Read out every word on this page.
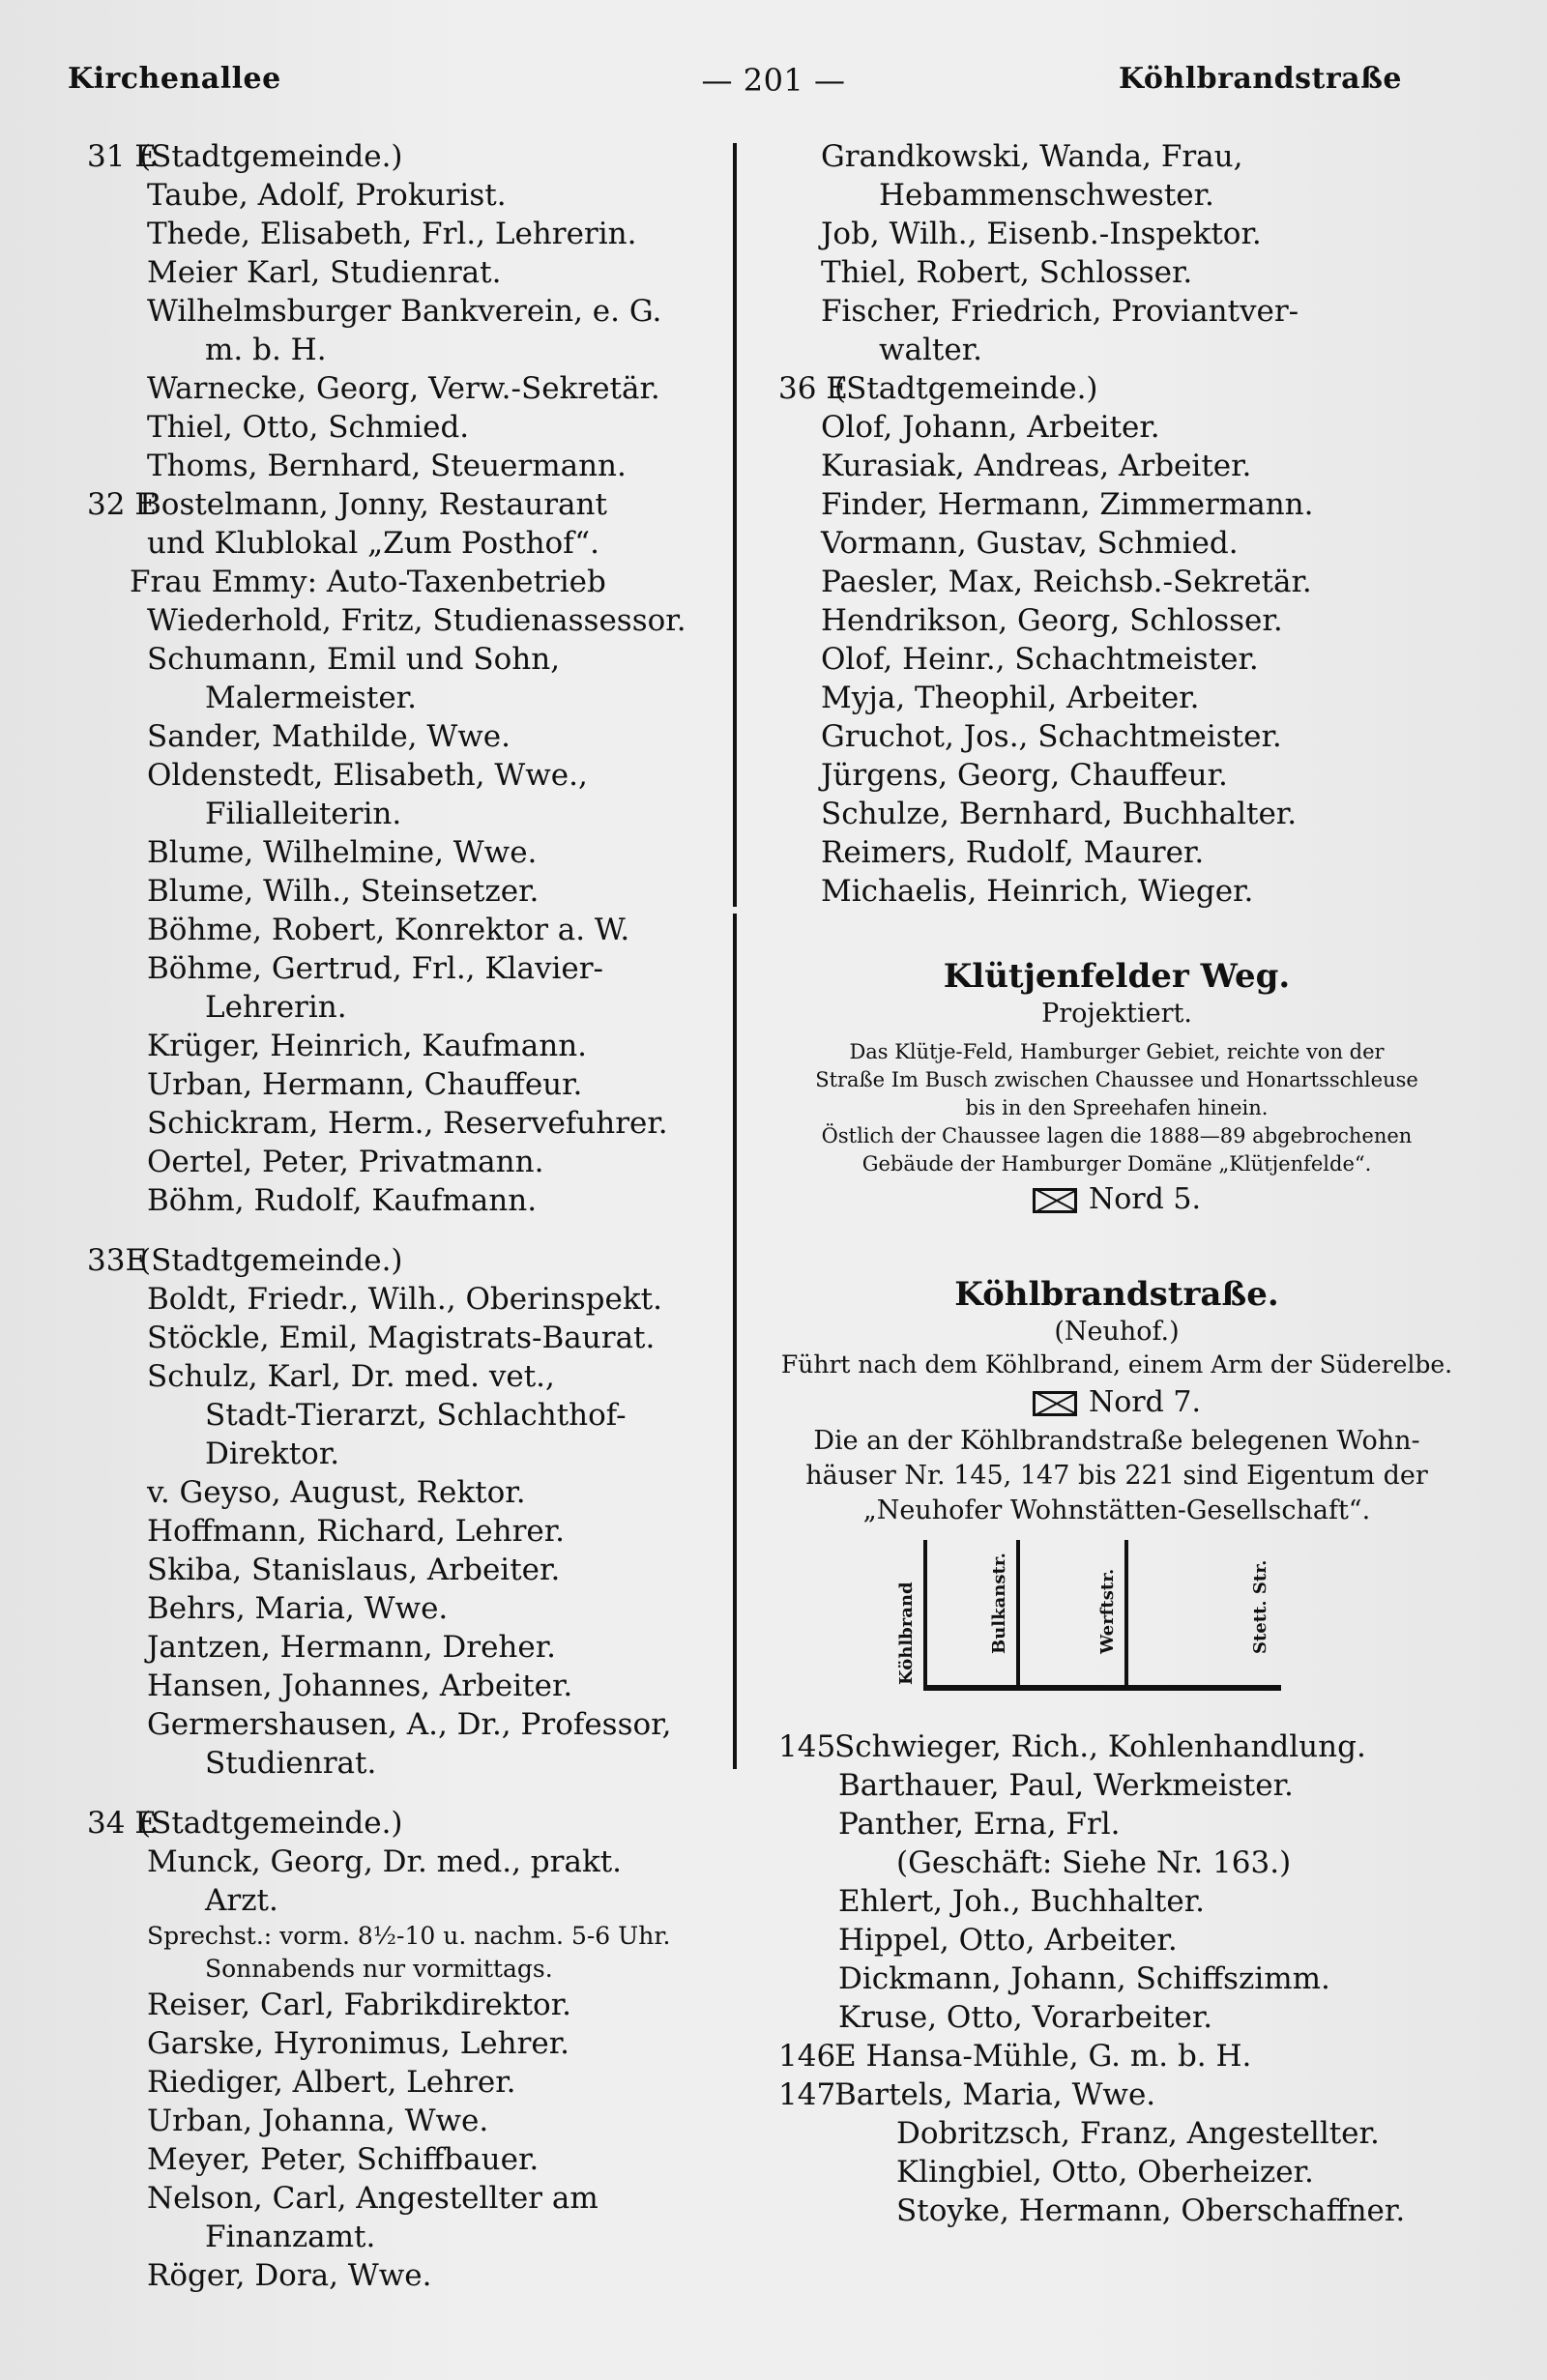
Kirchenallee	— 201 —	Köhlbrandstraße
31 E(Stadtgemeinde.)
Taube, Adolf, Prokurist.
Thede, Elisabeth, Frl., Lehrerin.
Meier Karl, Studienrat.
Wilhelmsburger Bankverein, e. G.
m. b. H.
Warnecke, Georg, Verw.-Sekretär.
Thiel, Otto, Schmied.
Thoms, Bernhard, Steuermann.
32 EBostelmann, Jonny, Restaurant
und Klublokal „Zum Posthof“.
Frau Emmy: Auto-Taxenbetrieb
Wiederhold, Fritz, Studienassessor.
Schumann, Emil und Sohn,
Malermeister.
Sander, Mathilde, Wwe.
Oldenstedt, Elisabeth, Wwe.,
Filialleiterin.
Blume, Wilhelmine, Wwe.
Blume, Wilh., Steinsetzer.
Böhme, Robert, Konrektor a. W.
Böhme, Gertrud, Frl., Klavier-
Lehrerin.
Krüger, Heinrich, Kaufmann.
Urban, Hermann, Chauffeur.
Schickram, Herm., Reservefuhrer.
Oertel, Peter, Privatmann.
Böhm, Rudolf, Kaufmann.
33E(Stadtgemeinde.)
Boldt, Friedr., Wilh., Oberinspekt.
Stöckle, Emil, Magistrats-Baurat.
Schulz, Karl, Dr. med. vet.,
Stadt-Tierarzt, Schlachthof-
Direktor.
v. Geyso, August, Rektor.
Hoffmann, Richard, Lehrer.
Skiba, Stanislaus, Arbeiter.
Behrs, Maria, Wwe.
Jantzen, Hermann, Dreher.
Hansen, Johannes, Arbeiter.
Germershausen, A., Dr., Professor,
Studienrat.
34 E(Stadtgemeinde.)
Munck, Georg, Dr. med., prakt.
Arzt.
Sprechst.: vorm. 8½-10 u. nachm. 5-6 Uhr.
Sonnabends nur vormittags.
Reiser, Carl, Fabrikdirektor.
Garske, Hyronimus, Lehrer.
Riediger, Albert, Lehrer.
Urban, Johanna, Wwe.
Meyer, Peter, Schiffbauer.
Nelson, Carl, Angestellter am
Finanzamt.
Röger, Dora, Wwe.
Grandkowski, Wanda, Frau,
Hebammenschwester.
Job, Wilh., Eisenb.-Inspektor.
Thiel, Robert, Schlosser.
Fischer, Friedrich, Proviantver-
walter.
36 E(Stadtgemeinde.)
Olof, Johann, Arbeiter.
Kurasiak, Andreas, Arbeiter.
Finder, Hermann, Zimmermann.
Vormann, Gustav, Schmied.
Paesler, Max, Reichsb.-Sekretär.
Hendrikson, Georg, Schlosser.
Olof, Heinr., Schachtmeister.
Myja, Theophil, Arbeiter.
Gruchot, Jos., Schachtmeister.
Jürgens, Georg, Chauffeur.
Schulze, Bernhard, Buchhalter.
Reimers, Rudolf, Maurer.
Michaelis, Heinrich, Wieger.
Klütjenfelder Weg.
Projektiert.
Das Klütje-Feld, Hamburger Gebiet, reichte von der
Straße Im Busch zwischen Chaussee und Honartsschleuse
bis in den Spreehafen hinein.
Östlich der Chaussee lagen die 1888—89 abgebrochenen
Gebäude der Hamburger Domäne „Klütjenfelde“.
Nord 5.
Köhlbrandstraße.
(Neuhof.)
Führt nach dem Köhlbrand, einem Arm der Süderelbe.
Nord 7.
Die an der Köhlbrandstraße belegenen Wohn-
häuser Nr. 145, 147 bis 221 sind Eigentum der
„Neuhofer Wohnstätten-Gesellschaft“.
Köhlbrand	Bulkanstr.	Werftstr.	Stett. Str.
145Schwieger, Rich., Kohlenhandlung.
Barthauer, Paul, Werkmeister.
Panther, Erna, Frl.
(Geschäft: Siehe Nr. 163.)
Ehlert, Joh., Buchhalter.
Hippel, Otto, Arbeiter.
Dickmann, Johann, Schiffszimm.
Kruse, Otto, Vorarbeiter.
146E Hansa-Mühle, G. m. b. H.
147Bartels, Maria, Wwe.
Dobritzsch, Franz, Angestellter.
Klingbiel, Otto, Oberheizer.
Stoyke, Hermann, Oberschaffner.
